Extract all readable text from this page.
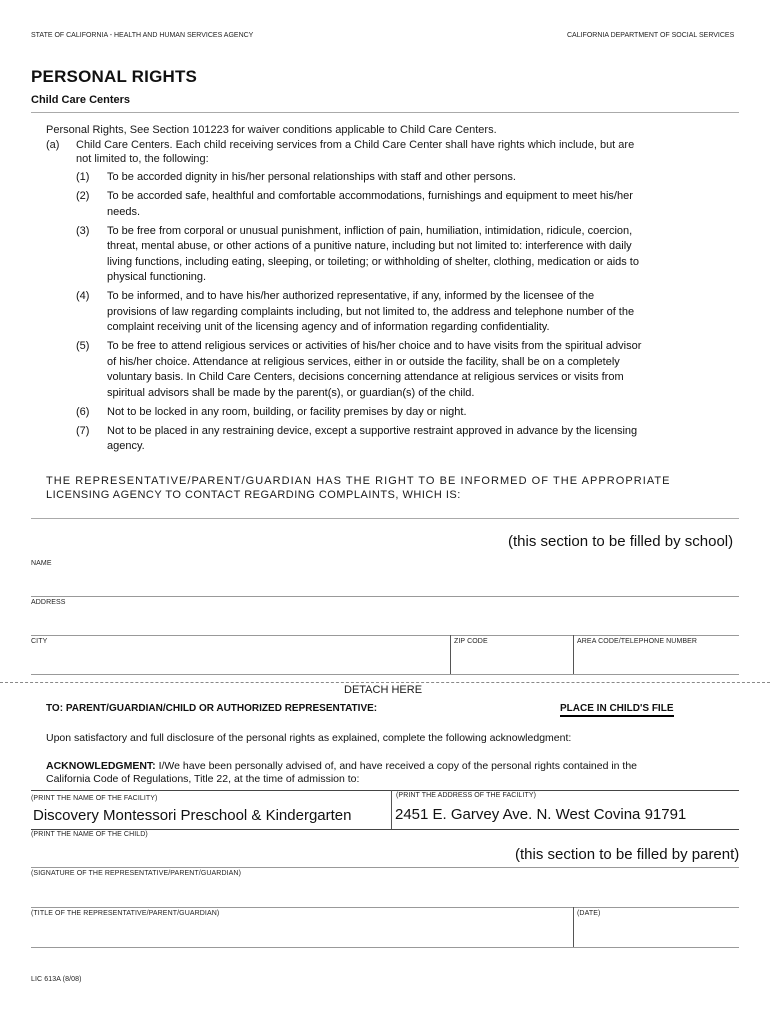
STATE OF CALIFORNIA - HEALTH AND HUMAN SERVICES AGENCY	CALIFORNIA DEPARTMENT OF SOCIAL SERVICES
PERSONAL RIGHTS
Child Care Centers
Personal Rights, See Section 101223 for waiver conditions applicable to Child Care Centers.
(a) Child Care Centers. Each child receiving services from a Child Care Center shall have rights which include, but are
not limited to, the following:
(1)	To be accorded dignity in his/her personal relationships with staff and other persons.
(2)	To be accorded safe, healthful and comfortable accommodations, furnishings and equipment to meet his/her
needs.
(3)	To be free from corporal or unusual punishment, infliction of pain, humiliation, intimidation, ridicule, coercion,
threat, mental abuse, or other actions of a punitive nature, including but not limited to: interference with daily
living functions, including eating, sleeping, or toileting; or withholding of shelter, clothing, medication or aids to
physical functioning.
(4)	To be informed, and to have his/her authorized representative, if any, informed by the licensee of the
provisions of law regarding complaints including, but not limited to, the address and telephone number of the
complaint receiving unit of the licensing agency and of information regarding confidentiality.
(5)	To be free to attend religious services or activities of his/her choice and to have visits from the spiritual advisor
of his/her choice. Attendance at religious services, either in or outside the facility, shall be on a completely
voluntary basis. In Child Care Centers, decisions concerning attendance at religious services or visits from
spiritual advisors shall be made by the parent(s), or guardian(s) of the child.
(6)	Not to be locked in any room, building, or facility premises by day or night.
(7)	Not to be placed in any restraining device, except a supportive restraint approved in advance by the licensing
agency.
THE REPRESENTATIVE/PARENT/GUARDIAN HAS THE RIGHT TO BE INFORMED OF THE APPROPRIATE
LICENSING AGENCY TO CONTACT REGARDING COMPLAINTS, WHICH IS:
(this section to be filled by school)
NAME
ADDRESS
CITY	ZIP CODE	AREA CODE/TELEPHONE NUMBER
DETACH HERE
TO: PARENT/GUARDIAN/CHILD OR AUTHORIZED REPRESENTATIVE:	PLACE IN CHILD'S FILE
Upon satisfactory and full disclosure of the personal rights as explained, complete the following acknowledgment:
ACKNOWLEDGMENT: I/We have been personally advised of, and have received a copy of the personal rights contained in the
California Code of Regulations, Title 22, at the time of admission to:
(PRINT THE NAME OF THE FACILITY)	(PRINT THE ADDRESS OF THE FACILITY)
Discovery Montessori Preschool & Kindergarten	2451 E. Garvey Ave. N. West Covina 91791
(PRINT THE NAME OF THE CHILD)
(this section to be filled by parent)
(SIGNATURE OF THE REPRESENTATIVE/PARENT/GUARDIAN)
(TITLE OF THE REPRESENTATIVE/PARENT/GUARDIAN)	(DATE)
LIC 613A (8/08)
